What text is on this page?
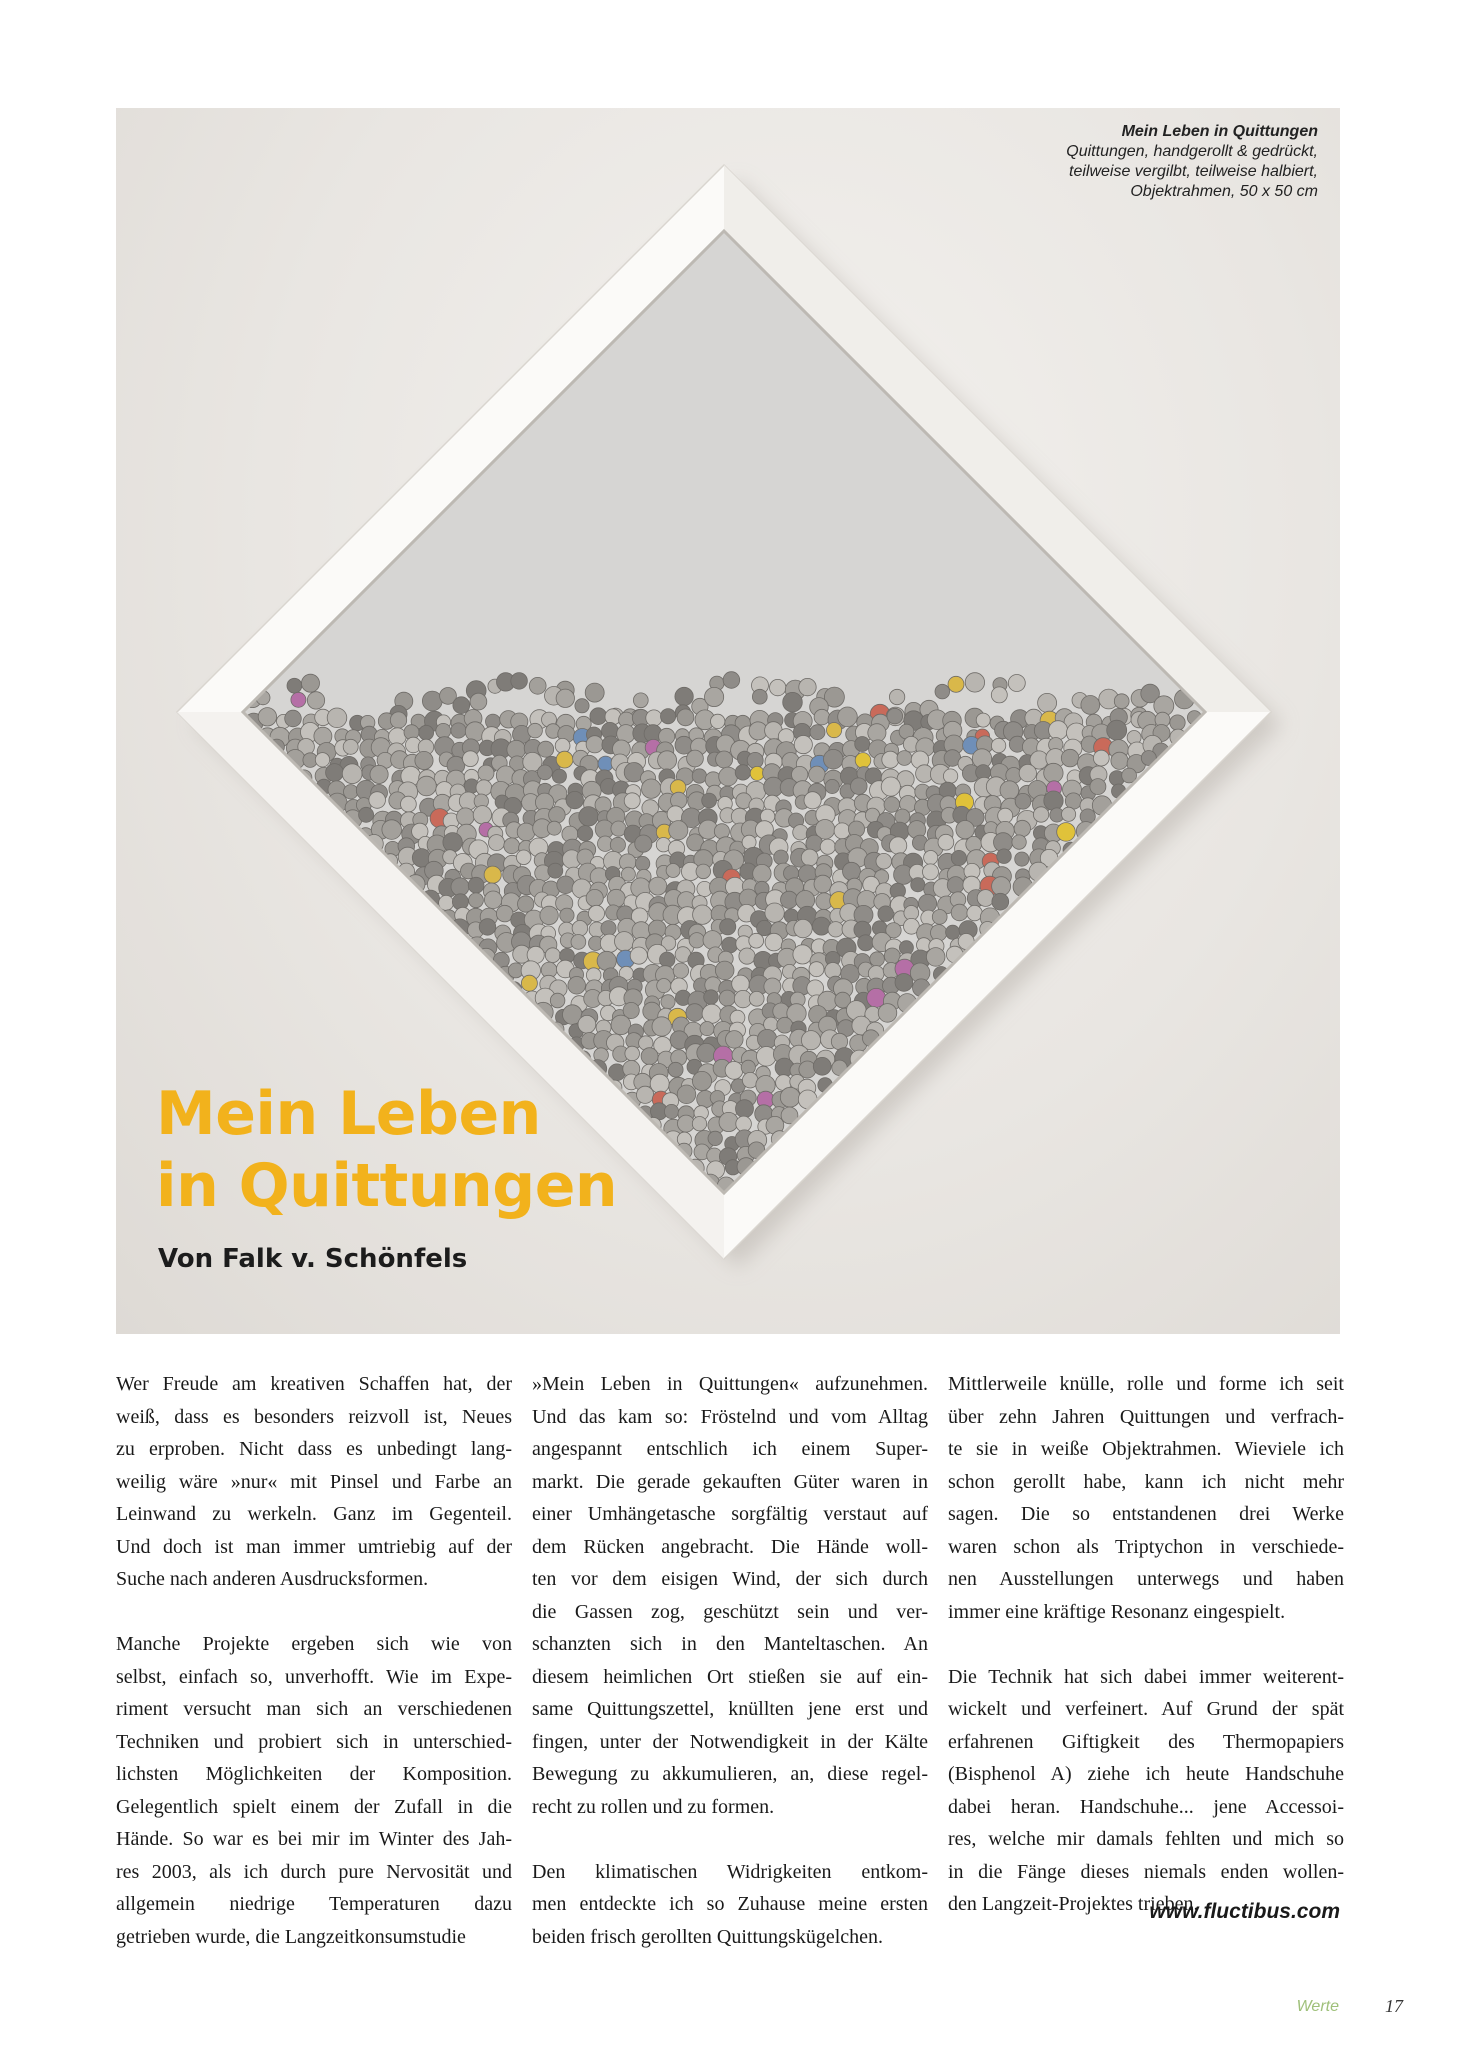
Mein Leben in Quittungen
Quittungen, handgerollt & gedrückt,
teilweise vergilbt, teilweise halbiert,
Objektrahmen, 50 x 50 cm
Mein Leben
in Quittungen
Von Falk v. Schönfels
Wer Freude am kreativen Schaffen hat, der
weiß, dass es besonders reizvoll ist, Neues
zu erproben. Nicht dass es unbedingt lang-
weilig wäre »nur« mit Pinsel und Farbe an
Leinwand zu werkeln. Ganz im Gegenteil.
Und doch ist man immer umtriebig auf der
Suche nach anderen Ausdrucksformen.
Manche Projekte ergeben sich wie von
selbst, einfach so, unverhofft. Wie im Expe-
riment versucht man sich an verschiedenen
Techniken und probiert sich in unterschied-
lichsten Möglichkeiten der Komposition.
Gelegentlich spielt einem der Zufall in die
Hände. So war es bei mir im Winter des Jah-
res 2003, als ich durch pure Nervosität und
allgemein niedrige Temperaturen dazu
getrieben wurde, die Langzeitkonsumstudie
»Mein Leben in Quittungen« aufzunehmen.
Und das kam so: Fröstelnd und vom Alltag
angespannt entschlich ich einem Super-
markt. Die gerade gekauften Güter waren in
einer Umhängetasche sorgfältig verstaut auf
dem Rücken angebracht. Die Hände woll-
ten vor dem eisigen Wind, der sich durch
die Gassen zog, geschützt sein und ver-
schanzten sich in den Manteltaschen. An
diesem heimlichen Ort stießen sie auf ein-
same Quittungszettel, knüllten jene erst und
fingen, unter der Notwendigkeit in der Kälte
Bewegung zu akkumulieren, an, diese regel-
recht zu rollen und zu formen.
Den klimatischen Widrigkeiten entkom-
men entdeckte ich so Zuhause meine ersten
beiden frisch gerollten Quittungskügelchen.
Mittlerweile knülle, rolle und forme ich seit
über zehn Jahren Quittungen und verfrach-
te sie in weiße Objektrahmen. Wieviele ich
schon gerollt habe, kann ich nicht mehr
sagen. Die so entstandenen drei Werke
waren schon als Triptychon in verschiede-
nen Ausstellungen unterwegs und haben
immer eine kräftige Resonanz eingespielt.
Die Technik hat sich dabei immer weiterent-
wickelt und verfeinert. Auf Grund der spät
erfahrenen Giftigkeit des Thermopapiers
(Bisphenol A) ziehe ich heute Handschuhe
dabei heran. Handschuhe... jene Accessoi-
res, welche mir damals fehlten und mich so
in die Fänge dieses niemals enden wollen-
den Langzeit-Projektes trieben.
www.fluctibus.com
Werte	17
